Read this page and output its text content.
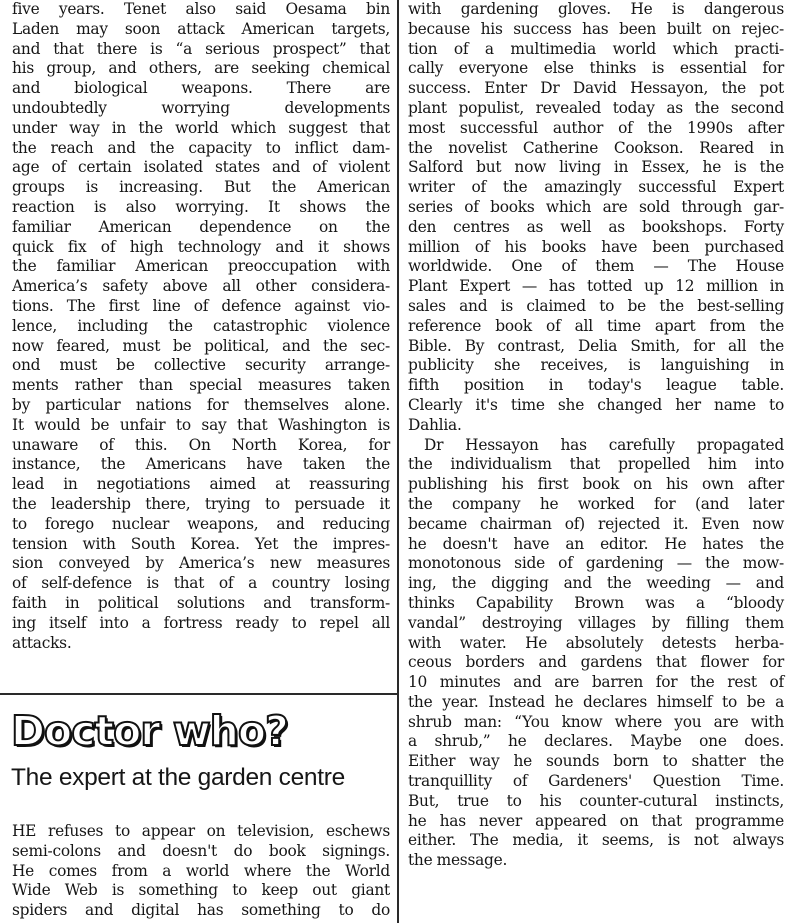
five years. Tenet also said Oesama bin
Laden may soon attack American targets,
and that there is “a serious prospect” that
his group, and others, are seeking chemical
and biological weapons. There are
undoubtedly worrying developments
under way in the world which suggest that
the reach and the capacity to inflict dam-
age of certain isolated states and of violent
groups is increasing. But the American
reaction is also worrying. It shows the
familiar American dependence on the
quick fix of high technology and it shows
the familiar American preoccupation with
America’s safety above all other considera-
tions. The first line of defence against vio-
lence, including the catastrophic violence
now feared, must be political, and the sec-
ond must be collective security arrange-
ments rather than special measures taken
by particular nations for themselves alone.
It would be unfair to say that Washington is
unaware of this. On North Korea, for
instance, the Americans have taken the
lead in negotiations aimed at reassuring
the leadership there, trying to persuade it
to forego nuclear weapons, and reducing
tension with South Korea. Yet the impres-
sion conveyed by America’s new measures
of self-defence is that of a country losing
faith in political solutions and transform-
ing itself into a fortress ready to repel all
attacks.
Doctor who?
The expert at the garden centre
HE refuses to appear on television, eschews
semi-colons and doesn't do book signings.
He comes from a world where the World
Wide Web is something to keep out giant
spiders and digital has something to do
with gardening gloves. He is dangerous
because his success has been built on rejec-
tion of a multimedia world which practi-
cally everyone else thinks is essential for
success. Enter Dr David Hessayon, the pot
plant populist, revealed today as the second
most successful author of the 1990s after
the novelist Catherine Cookson. Reared in
Salford but now living in Essex, he is the
writer of the amazingly successful Expert
series of books which are sold through gar-
den centres as well as bookshops. Forty
million of his books have been purchased
worldwide. One of them — The House
Plant Expert — has totted up 12 million in
sales and is claimed to be the best-selling
reference book of all time apart from the
Bible. By contrast, Delia Smith, for all the
publicity she receives, is languishing in
fifth position in today's league table.
Clearly it's time she changed her name to
Dahlia.
Dr Hessayon has carefully propagated
the individualism that propelled him into
publishing his first book on his own after
the company he worked for (and later
became chairman of) rejected it. Even now
he doesn't have an editor. He hates the
monotonous side of gardening — the mow-
ing, the digging and the weeding — and
thinks Capability Brown was a “bloody
vandal” destroying villages by filling them
with water. He absolutely detests herba-
ceous borders and gardens that flower for
10 minutes and are barren for the rest of
the year. Instead he declares himself to be a
shrub man: “You know where you are with
a shrub,” he declares. Maybe one does.
Either way he sounds born to shatter the
tranquillity of Gardeners' Question Time.
But, true to his counter-cutural instincts,
he has never appeared on that programme
either. The media, it seems, is not always
the message.
